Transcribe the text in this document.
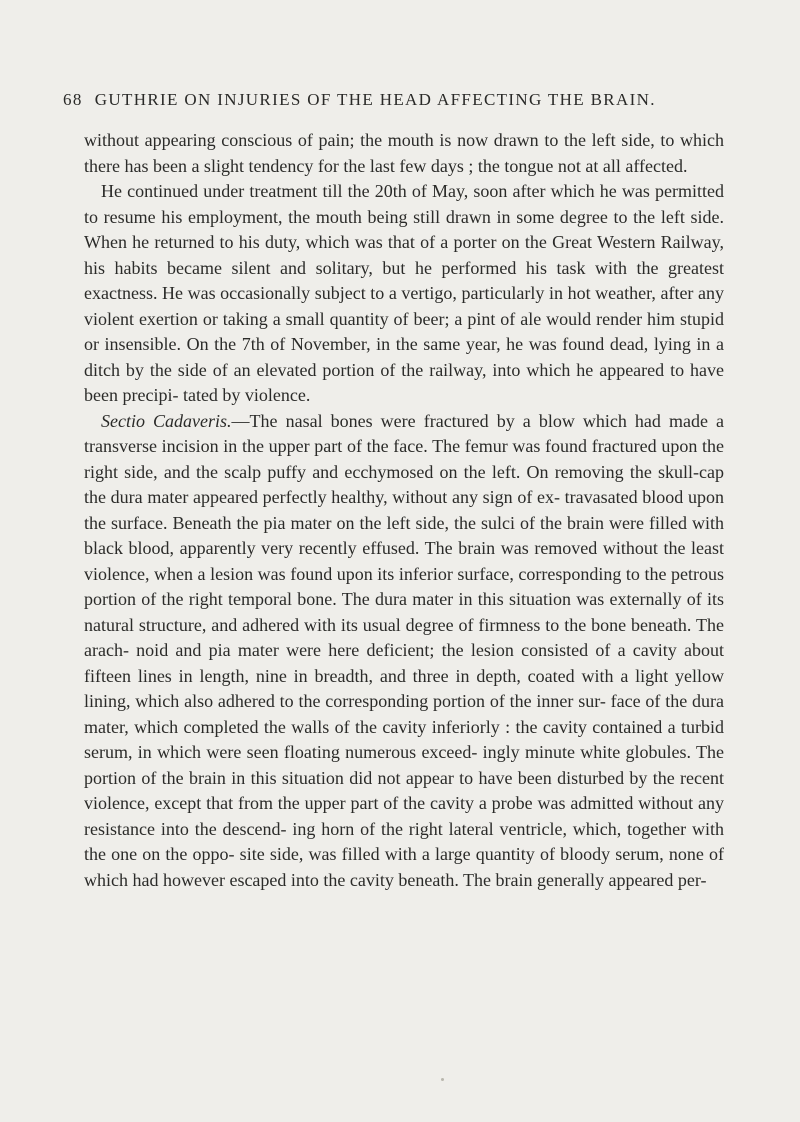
68 GUTHRIE ON INJURIES OF THE HEAD AFFECTING THE BRAIN.

without appearing conscious of pain; the mouth is now drawn to the left side, to which there has been a slight tendency for the last few days ; the tongue not at all affected.

He continued under treatment till the 20th of May, soon after which he was permitted to resume his employment, the mouth being still drawn in some degree to the left side. When he returned to his duty, which was that of a porter on the Great Western Railway, his habits became silent and solitary, but he performed his task with the greatest exactness. He was occasionally subject to a vertigo, particularly in hot weather, after any violent exertion or taking a small quantity of beer; a pint of ale would render him stupid or insensible. On the 7th of November, in the same year, he was found dead, lying in a ditch by the side of an elevated portion of the railway, into which he appeared to have been precipi- tated by violence.

Sectio Cadaveris.—The nasal bones were fractured by a blow which had made a transverse incision in the upper part of the face. The femur was found fractured upon the right side, and the scalp puffy and ecchymosed on the left. On removing the skull-cap the dura mater appeared perfectly healthy, without any sign of ex- travasated blood upon the surface. Beneath the pia mater on the left side, the sulci of the brain were filled with black blood, apparently very recently effused. The brain was removed without the least violence, when a lesion was found upon its inferior surface, corresponding to the petrous portion of the right temporal bone. The dura mater in this situation was externally of its natural structure, and adhered with its usual degree of firmness to the bone beneath. The arach- noid and pia mater were here deficient; the lesion consisted of a cavity about fifteen lines in length, nine in breadth, and three in depth, coated with a light yellow lining, which also adhered to the corresponding portion of the inner sur- face of the dura mater, which completed the walls of the cavity inferiorly : the cavity contained a turbid serum, in which were seen floating numerous exceed- ingly minute white globules. The portion of the brain in this situation did not appear to have been disturbed by the recent violence, except that from the upper part of the cavity a probe was admitted without any resistance into the descend- ing horn of the right lateral ventricle, which, together with the one on the oppo- site side, was filled with a large quantity of bloody serum, none of which had however escaped into the cavity beneath. The brain generally appeared per-
